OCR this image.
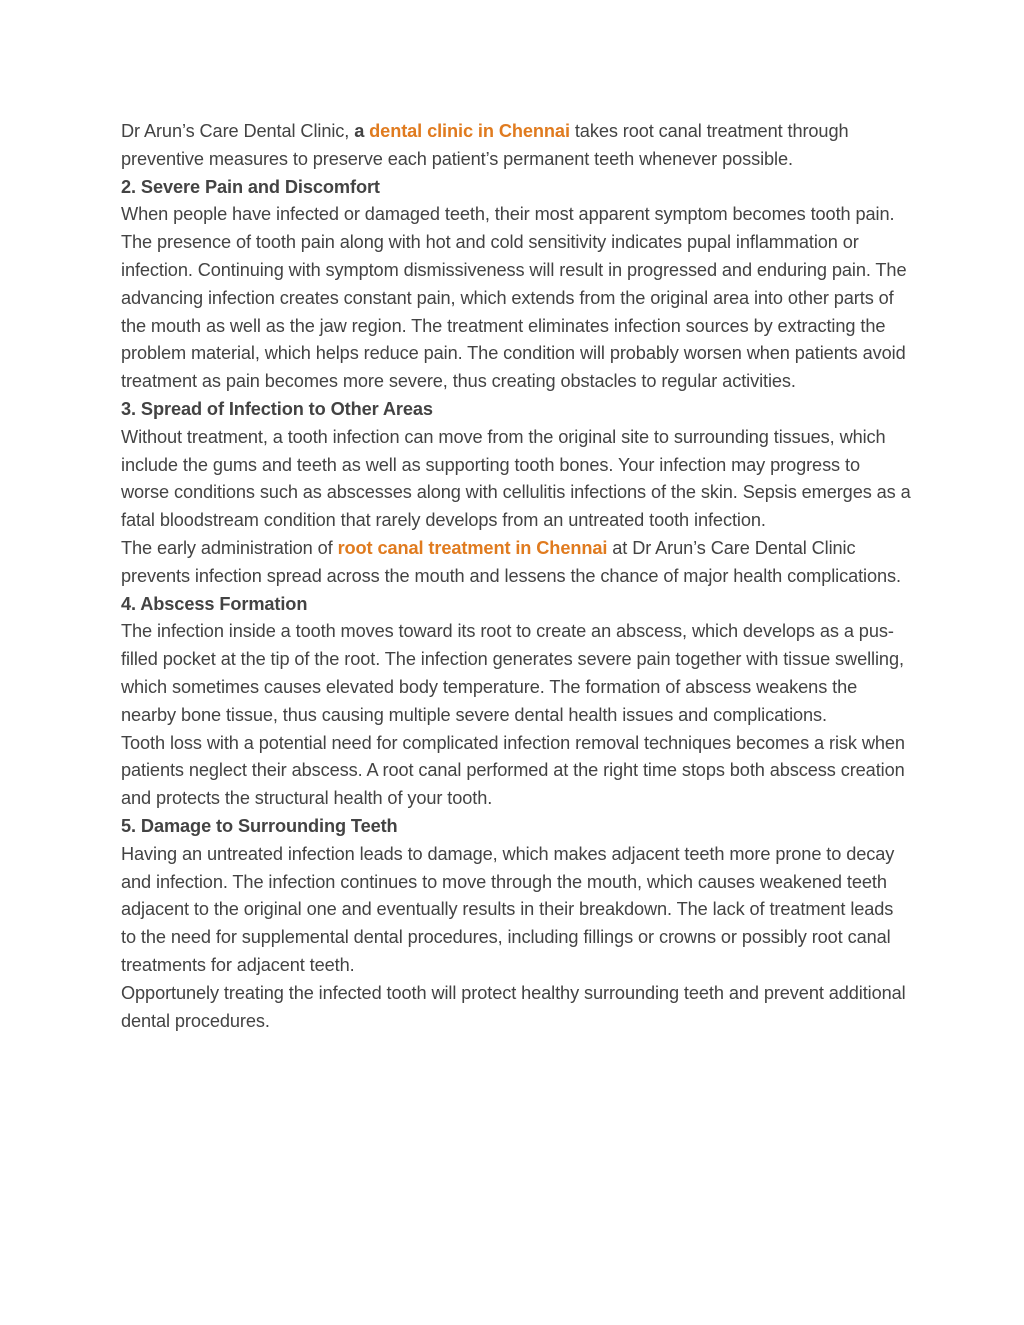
Dr Arun’s Care Dental Clinic, a dental clinic in Chennai takes root canal treatment through preventive measures to preserve each patient’s permanent teeth whenever possible.

2. Severe Pain and Discomfort

When people have infected or damaged teeth, their most apparent symptom becomes tooth pain. The presence of tooth pain along with hot and cold sensitivity indicates pupal inflammation or infection. Continuing with symptom dismissiveness will result in progressed and enduring pain. The advancing infection creates constant pain, which extends from the original area into other parts of the mouth as well as the jaw region. The treatment eliminates infection sources by extracting the problem material, which helps reduce pain. The condition will probably worsen when patients avoid treatment as pain becomes more severe, thus creating obstacles to regular activities.

3. Spread of Infection to Other Areas

Without treatment, a tooth infection can move from the original site to surrounding tissues, which include the gums and teeth as well as supporting tooth bones. Your infection may progress to worse conditions such as abscesses along with cellulitis infections of the skin. Sepsis emerges as a fatal bloodstream condition that rarely develops from an untreated tooth infection.

The early administration of root canal treatment in Chennai at Dr Arun’s Care Dental Clinic prevents infection spread across the mouth and lessens the chance of major health complications.

4. Abscess Formation

The infection inside a tooth moves toward its root to create an abscess, which develops as a pus-filled pocket at the tip of the root. The infection generates severe pain together with tissue swelling, which sometimes causes elevated body temperature. The formation of abscess weakens the nearby bone tissue, thus causing multiple severe dental health issues and complications.

Tooth loss with a potential need for complicated infection removal techniques becomes a risk when patients neglect their abscess. A root canal performed at the right time stops both abscess creation and protects the structural health of your tooth.

5. Damage to Surrounding Teeth

Having an untreated infection leads to damage, which makes adjacent teeth more prone to decay and infection. The infection continues to move through the mouth, which causes weakened teeth adjacent to the original one and eventually results in their breakdown. The lack of treatment leads to the need for supplemental dental procedures, including fillings or crowns or possibly root canal treatments for adjacent teeth.

Opportunely treating the infected tooth will protect healthy surrounding teeth and prevent additional dental procedures.
